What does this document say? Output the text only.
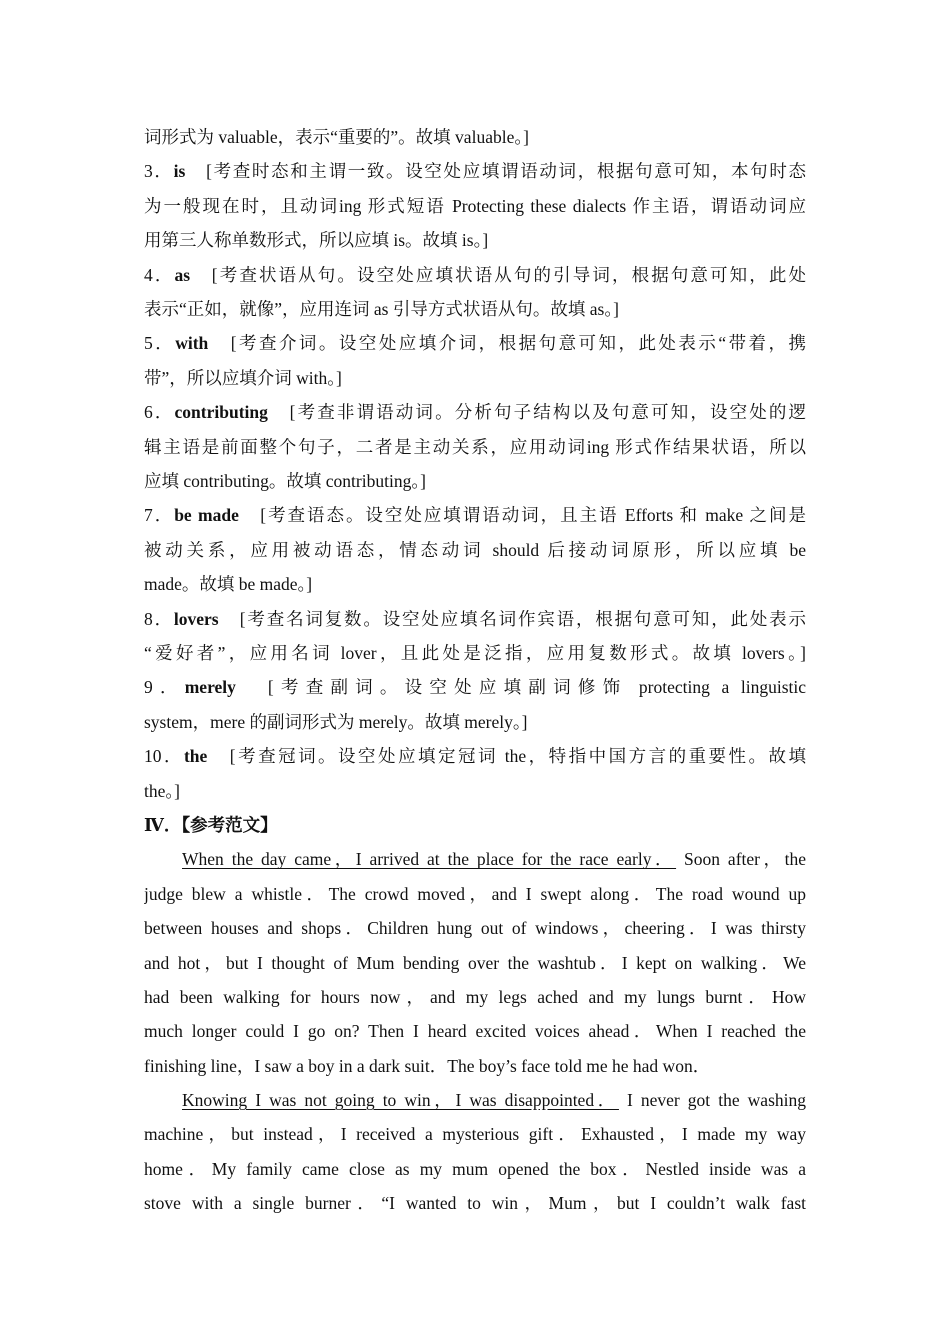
词形式为 valuable，表示“重要的”。故填 valuable。]
3．is　[考查时态和主谓一致。设空处应填谓语动词，根据句意可知，本句时态
为一般现在时，且动词ing 形式短语 Protecting these dialects 作主语，谓语动词应
用第三人称单数形式，所以应填 is。故填 is。]
4．as　[考查状语从句。设空处应填状语从句的引导词，根据句意可知，此处
表示“正如，就像”，应用连词 as 引导方式状语从句。故填 as。]
5．with　[考查介词。设空处应填介词，根据句意可知，此处表示“带着，携
带”，所以应填介词 with。]
6．contributing　[考查非谓语动词。分析句子结构以及句意可知，设空处的逻
辑主语是前面整个句子，二者是主动关系，应用动词ing 形式作结果状语，所以
应填 contributing。故填 contributing。]
7．be made　[考查语态。设空处应填谓语动词，且主语 Efforts 和 make 之间是
被动关系，应用被动语态，情态动词 should 后接动词原形，所以应填 be
made。故填 be made。]
8．lovers　[考查名词复数。设空处应填名词作宾语，根据句意可知，此处表示
“爱好者”，应用名词 lover，且此处是泛指，应用复数形式。故填 lovers。]
9．merely　[考查副词。设空处应填副词修饰 protecting a linguistic
system，mere 的副词形式为 merely。故填 merely。]
10．the　[考查冠词。设空处应填定冠词 the，特指中国方言的重要性。故填
the。]
Ⅳ．【参考范文】
When the day came，I arrived at the place for the race early． Soon after，the
judge blew a whistle．The crowd moved，and I swept along．The road wound up
between houses and shops．Children hung out of windows，cheering．I was thirsty
and hot，but I thought of Mum bending over the washtub．I kept on walking．We
had been walking for hours now，and my legs ached and my lungs burnt．How
much longer could I go on? Then I heard excited voices ahead．When I reached the
finishing line，I saw a boy in a dark suit．The boy’s face told me he had won．
Knowing I was not going to win，I was disappointed． I never got the washing
machine，but instead，I received a mysterious gift．Exhausted，I made my way
home．My family came close as my mum opened the box．Nestled inside was a
stove with a single burner．“I wanted to win，Mum，but I couldn’t walk fast
